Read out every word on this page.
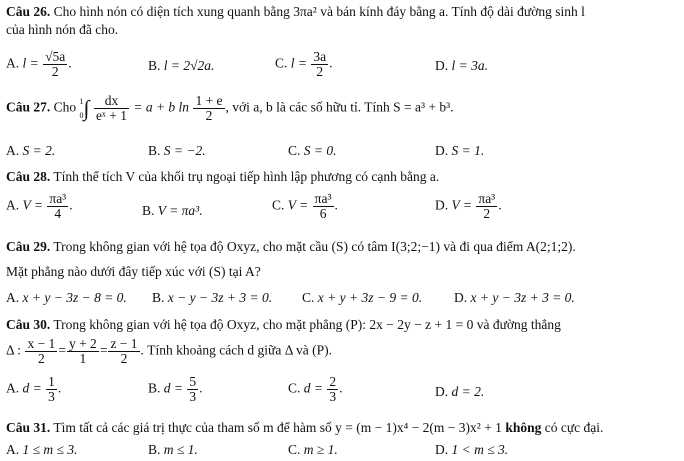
Câu 26. Cho hình nón có diện tích xung quanh bằng 3πa² và bán kính đáy bằng a. Tính độ dài đường sinh l
của hình nón đã cho.
A. $l = \frac{√5a}{2}$ .	B. l = 2√2a.	C. $l = \frac{3a}{2}$ .	D. l = 3a.
Câu 27. Cho 1
0 ∫ $\frac{dx}{\text{eˣ + 1}} = a + b$ $\ln \frac{1 + e}{2}$ , với a, b là các số hữu tỉ. Tính S = a³ + b³.
A. S = 2.	B. S = −2.	C. S = 0.	D. S = 1.
Câu 28. Tính thể tích V của khối trụ ngoại tiếp hình lập phương có cạnh bằng a.
A. $V = \frac{\text{πa³}}{4}$ .	B. V = πa³.	C. $V = \frac{\text{πa³}}{6}$ .	D. $V = \frac{\text{πa³}}{2}$ .
Câu 29. Trong không gian với hệ tọa độ Oxyz, cho mặt cầu (S) có tâm I(3;2;−1) và đi qua điểm A(2;1;2).
Mặt phẳng nào dưới đây tiếp xúc với (S) tại A?
A. x + y − 3z − 8 = 0. B. x − y − 3z + 3 = 0. C. x + y + 3z − 9 = 0. D. x + y − 3z + 3 = 0.
Câu 30. Trong không gian với hệ tọa độ Oxyz, cho mặt phẳng (P): 2x − 2y − z + 1 = 0 và đường thẳng
Δ : $\frac{x - 1}{2} = \frac{y + 2}{1} = \frac{z - 1}{2}$ . Tính khoảng cách d giữa Δ và (P).
A. $d = \frac{1}{3}$ .	B. $d = \frac{5}{3}$ .	C. $d = \frac{2}{3}$ .	D. d = 2.
Câu 31. Tìm tất cả các giá trị thực của tham số m để hàm số y = (m − 1)x⁴ − 2(m − 3)x² + 1 không có cực đại.
A. 1 ≤ m ≤ 3.	B. m ≤ 1.	C. m ≥ 1.	D. 1 < m ≤ 3.
